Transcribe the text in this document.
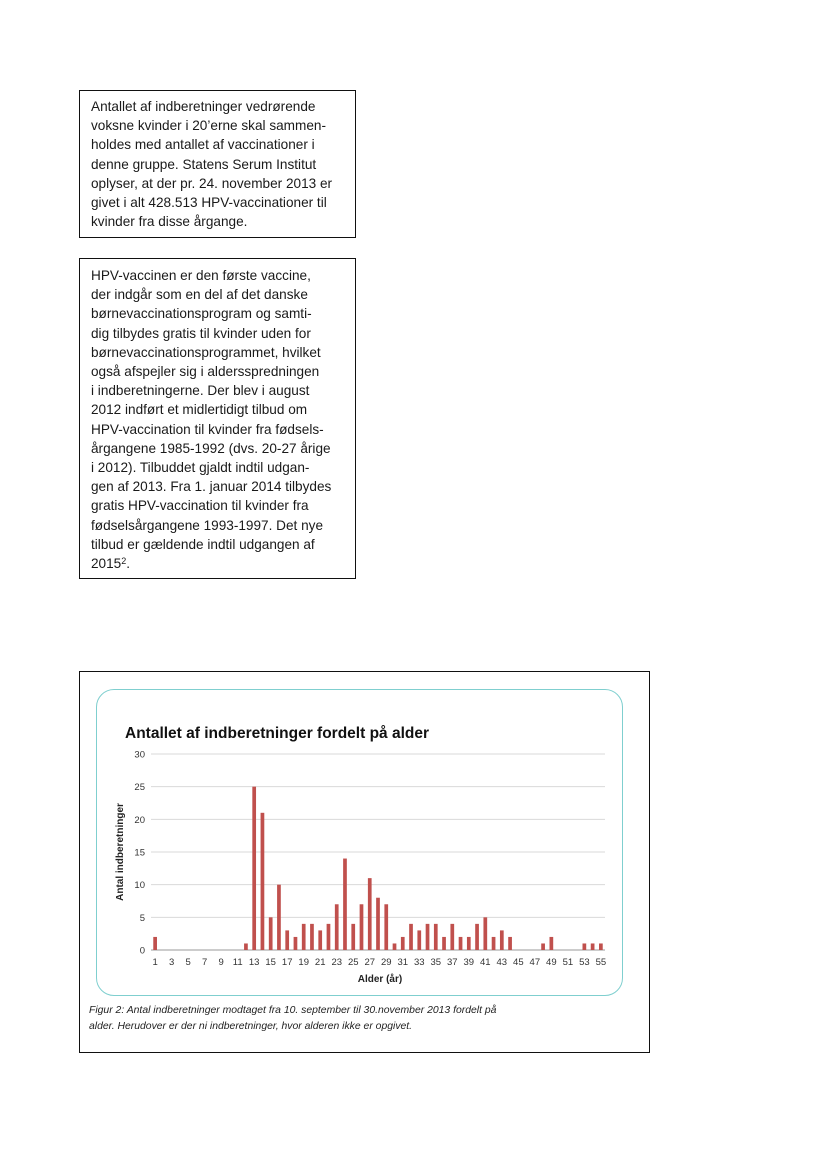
Antallet af indberetninger vedrørende
voksne kvinder i 20’erne skal sammen-
holdes med antallet af vaccinationer i
denne gruppe. Statens Serum Institut
oplyser, at der pr. 24. november 2013 er
givet i alt 428.513 HPV-vaccinationer til
kvinder fra disse årgange.
HPV-vaccinen er den første vaccine,
der indgår som en del af det danske
børnevaccinationsprogram og samti-
dig tilbydes gratis til kvinder uden for
børnevaccinationsprogrammet, hvilket
også afspejler sig i aldersspredningen
i indberetningerne. Der blev i august
2012 indført et midlertidigt tilbud om
HPV-vaccination til kvinder fra fødsels-
årgangene 1985-1992 (dvs. 20-27 årige
i 2012). Tilbuddet gjaldt indtil udgan-
gen af 2013. Fra 1. januar 2014 tilbydes
gratis HPV-vaccination til kvinder fra
fødselsårgangene 1993-1997. Det nye
tilbud er gældende indtil udgangen af
2015$^2$.
Antallet af indberetninger fordelt på alder
0
5
10
15
20
25
30
1 3 5 7 9 11 13 15 17 19 21 23 25 27 29 31 33 35 37 39 41 43 45 47 49 51 53 55
Alder (år)
Antal indberetninger
Figur 2: Antal indberetninger modtaget fra 10. september til 30.november 2013 fordelt på
alder. Herudover er der ni indberetninger, hvor alderen ikke er opgivet.
